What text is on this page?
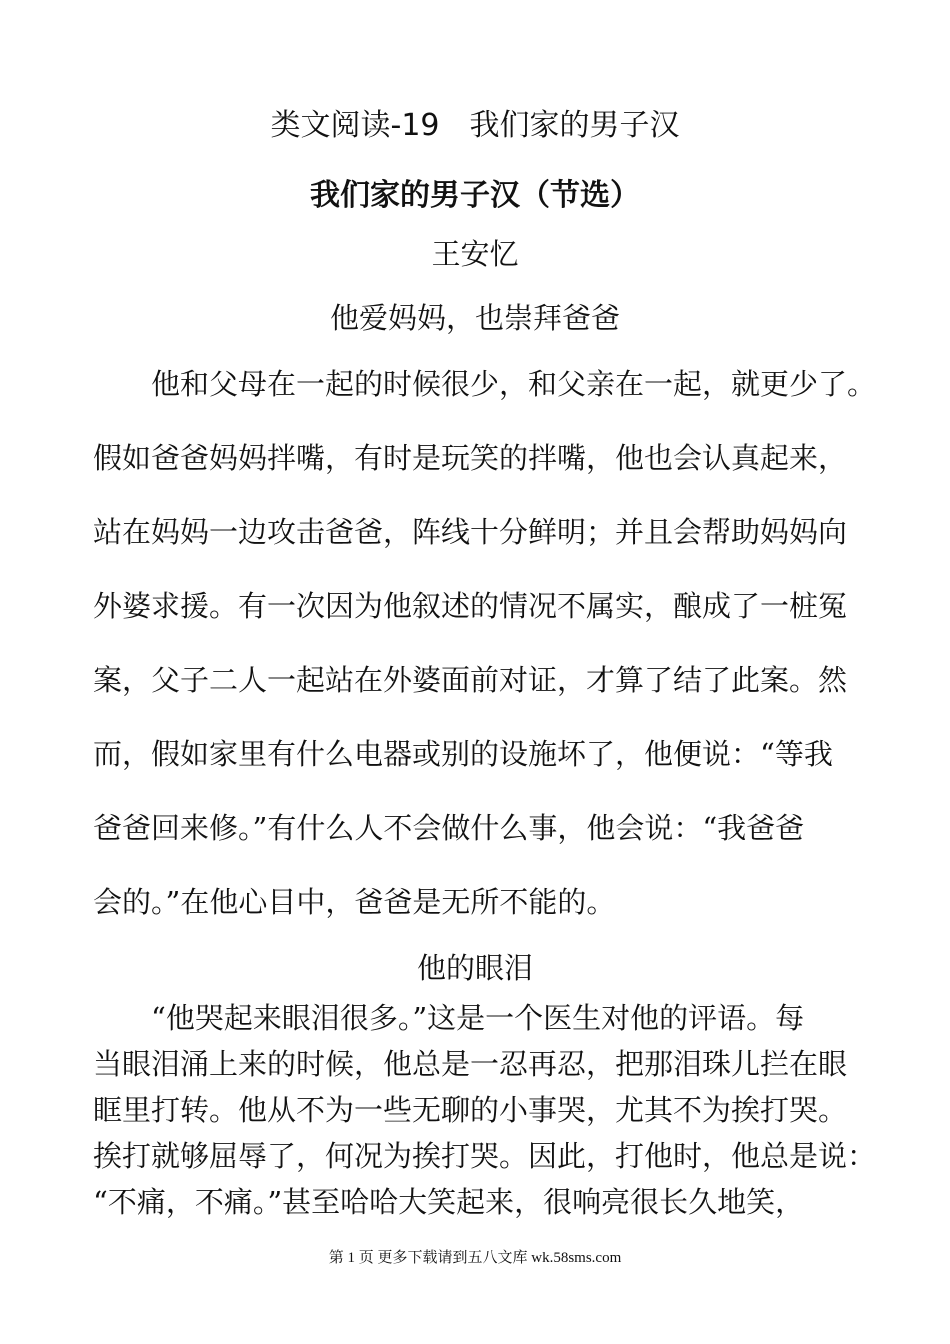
类文阅读-19　我们家的男子汉
我们家的男子汉（节选）
王安忆
他爱妈妈，也崇拜爸爸
他和父母在一起的时候很少，和父亲在一起，就更少了。
假如爸爸妈妈拌嘴，有时是玩笑的拌嘴，他也会认真起来，
站在妈妈一边攻击爸爸，阵线十分鲜明；并且会帮助妈妈向
外婆求援。有一次因为他叙述的情况不属实，酿成了一桩冤
案，父子二人一起站在外婆面前对证，才算了结了此案。然
而，假如家里有什么电器或别的设施坏了，他便说：“等我
爸爸回来修。”有什么人不会做什么事，他会说：“我爸爸
会的。”在他心目中，爸爸是无所不能的。
他的眼泪
“他哭起来眼泪很多。”这是一个医生对他的评语。每
当眼泪涌上来的时候，他总是一忍再忍，把那泪珠儿拦在眼
眶里打转。他从不为一些无聊的小事哭，尤其不为挨打哭。
挨打就够屈辱了，何况为挨打哭。因此，打他时，他总是说：
“不痛，不痛。”甚至哈哈大笑起来，很响亮很长久地笑，
第 1 页 更多下载请到五八文库 wk.58sms.com
